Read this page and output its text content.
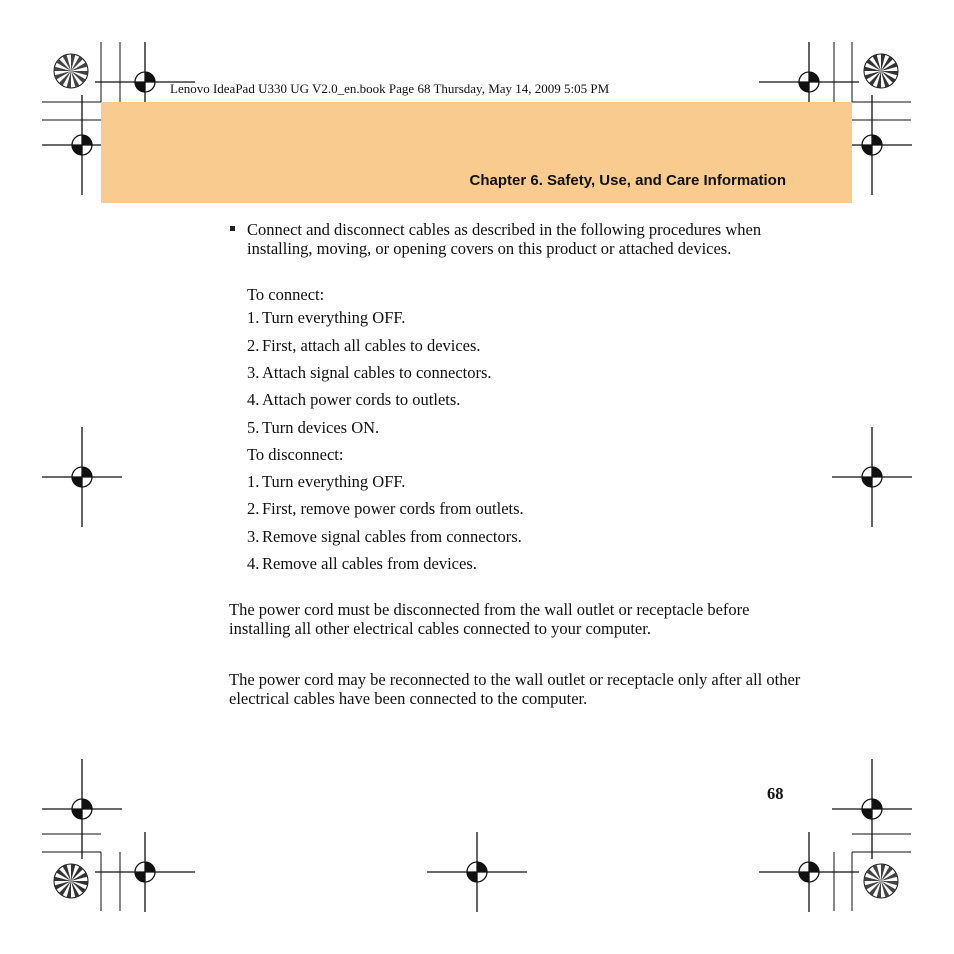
Lenovo IdeaPad U330 UG V2.0_en.book Page 68 Thursday, May 14, 2009 5:05 PM
Chapter 6. Safety, Use, and Care Information
Connect and disconnect cables as described in the following procedures when installing, moving, or opening covers on this product or attached devices.
To connect:
1. Turn everything OFF.
2. First, attach all cables to devices.
3. Attach signal cables to connectors.
4. Attach power cords to outlets.
5. Turn devices ON.
To disconnect:
1. Turn everything OFF.
2. First, remove power cords from outlets.
3. Remove signal cables from connectors.
4. Remove all cables from devices.
The power cord must be disconnected from the wall outlet or receptacle before installing all other electrical cables connected to your computer.
The power cord may be reconnected to the wall outlet or receptacle only after all other electrical cables have been connected to the computer.
68
